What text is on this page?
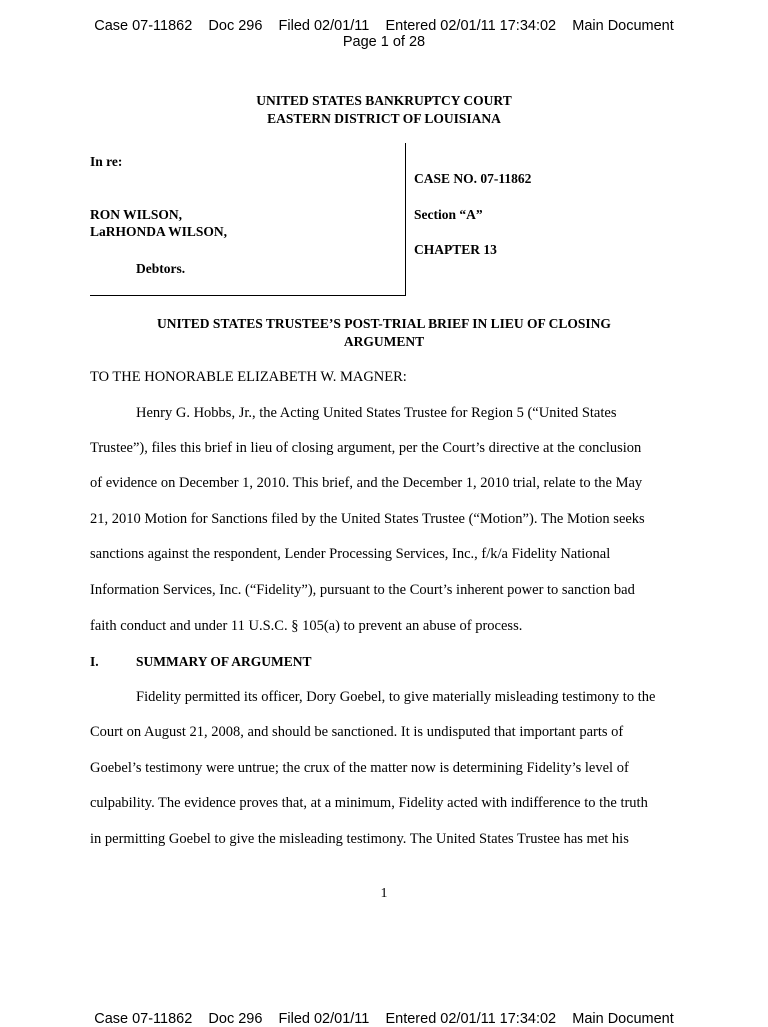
Case 07-11862    Doc 296    Filed 02/01/11    Entered 02/01/11 17:34:02    Main Document
Page 1 of 28
UNITED STATES BANKRUPTCY COURT
EASTERN DISTRICT OF LOUISIANA
In re:
RON WILSON,
LaRHONDA WILSON,
Debtors.
CASE NO. 07-11862
Section “A”
CHAPTER 13
UNITED STATES TRUSTEE’S POST-TRIAL BRIEF IN LIEU OF CLOSING
ARGUMENT
TO THE HONORABLE ELIZABETH W. MAGNER:
Henry G. Hobbs, Jr., the Acting United States Trustee for Region 5 (“United States
Trustee”), files this brief in lieu of closing argument, per the Court’s directive at the conclusion
of evidence on December 1, 2010. This brief, and the December 1, 2010 trial, relate to the May
21, 2010 Motion for Sanctions filed by the United States Trustee (“Motion”). The Motion seeks
sanctions against the respondent, Lender Processing Services, Inc., f/k/a Fidelity National
Information Services, Inc. (“Fidelity”), pursuant to the Court’s inherent power to sanction bad
faith conduct and under 11 U.S.C. § 105(a) to prevent an abuse of process.
I.	SUMMARY OF ARGUMENT
Fidelity permitted its officer, Dory Goebel, to give materially misleading testimony to the
Court on August 21, 2008, and should be sanctioned. It is undisputed that important parts of
Goebel’s testimony were untrue; the crux of the matter now is determining Fidelity’s level of
culpability. The evidence proves that, at a minimum, Fidelity acted with indifference to the truth
in permitting Goebel to give the misleading testimony. The United States Trustee has met his
1
Case 07-11862    Doc 296    Filed 02/01/11    Entered 02/01/11 17:34:02    Main Document
